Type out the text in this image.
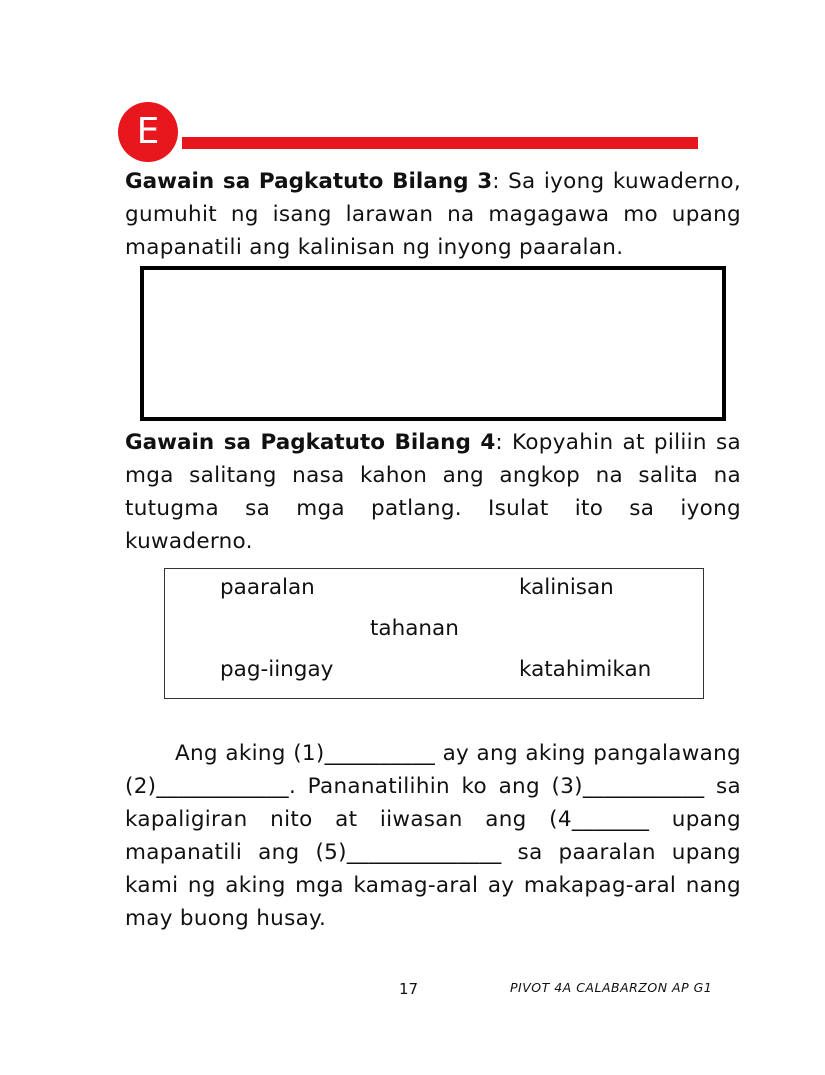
E

Gawain sa Pagkatuto Bilang 3: Sa iyong kuwaderno, gumuhit ng isang larawan na magagawa mo upang mapanatili ang kalinisan ng inyong paaralan.

Gawain sa Pagkatuto Bilang 4: Kopyahin at piliin sa mga salitang nasa kahon ang angkop na salita na tutugma sa mga patlang. Isulat ito sa iyong kuwaderno.

paaralan	kalinisan
tahanan
pag-iingay	katahimikan

Ang aking (1)__________ ay ang aking pangalawang (2)____________. Pananatilihin ko ang (3)___________ sa kapaligiran nito at iiwasan ang (4_______ upang mapanatili ang (5)______________ sa paaralan upang kami ng aking mga kamag-aral ay makapag-aral nang may buong husay.

17	PIVOT 4A CALABARZON AP G1
